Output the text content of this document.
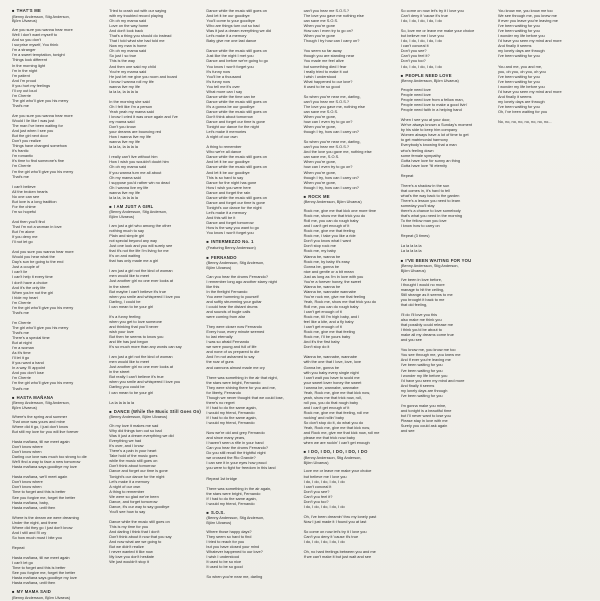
■ THAT'S ME
(Benny Andersson, Stig Anderson,
Björn Ulvaeus)
Are you sure you wanna hear more
Well I don't want myself to
And so you don't
I surprise myself, You think
I'm a stranger
I'm a sweet temptation, tonight
Things look different
In the morning light
I'm in the night
I'm patient
And I'm proud
If you hurt my feelings
I'll cry out loud
I'm Cherrie
The girl who'll give you his merry
That's me

Are you sure you wanna hear more
Would I lie like I was just
The man I've been waiting for
And just when I see you
But the girl next door
Don't you realize
Things have changed somehow
It's frantic
I'm romantic
It's time to find someone's fine
I'm Cherrie
I'm the girl who'll give you his merry
That's me

I can't believe
All the broken hearts
No one can see
But love is a long tradition
For the chime
I'm so hopeful

And then you'll find
That I'm not a woman in love
But I'm alone
If you deny me
I'll not let go

And you sure you wanna hear more
Would you hear what the
Day's sun be going to the end
Just a couple of
I can't lie
I can't help it every time
I don't have a choice
And it's the only life
When you're not the girl
I hide my heart
I'm Cherrie
I'm the girl who'll give you his merry
That's me

I'm Cherrie
The girl who'll give you his merry
That's me
There's a special time
But at night
I'm a woman
As it's time
I'll let it go
If you want a hand
In a way I'll appoint
And you don't lose
I'm Cherrie
I'm the girl who'll give you his merry
That's me
■ HASTA MAÑANA
(Benny Andersson, Stig Anderson,
Björn Ulvaeus)
Where's the spring and summer
That once was yours and mine
Where did it go, I just don't know
But still my love for you will live forever

Hasta mañana, till we meet again
Don't know where
Don't know when
Darling our love was much too strong to die
We'll find a way to face a new tomorrow
Hasta mañana says goodbye my love

Hasta mañana, we'll meet again
Don't know where
Don't know when
Time to forget and this is better
See you forgive me, forget the better
Hasta mañana, baby,
Hasta mañana, until then

Where is the dream we were dreaming
Under the night, and there
Where did they go I just don't know
And I still and I'll cry
So how much must I bite you

Repeat

Hasta mañana, till we meet again
I can't let go
Time to forget and this is better
See you forgive me, forget the better
Hasta mañana says goodbye my love
Hasta mañana, until then
■ MY MAMA SAID
(Benny Andersson, Björn Ulvaeus)
Tried to crash out with our saying
with my troubled record playing
Oh oh my mama said
Love on the way home
And don't look back
That's a thing you should do instead
That I told what she had told me
Now my man is home
Oh oh my mama said
So just I so true
This is the way
And then one said my child
You're my mama said
He just let me give you room and board
I know I wanna roll my life
wanna live my life
la la la, la la la la

In the morning she said
Oh I felt like I'm a person
Yeah yeah my mama said
I know I cried it was once again and I've
my mama said
Don't you know
your dreams are bouncing red
How I wanna live my life
wanna live my life
la la la, la la la la

I really can't live without him
How I wish you wouldn't doubt him
Oh oh my mama said
If you wanna turn me all about
Oh my mama said
I suppose you'd rather win no dead
Oh I wanna live my life
wanna live my life
la la la, la la la la
■ I AM JUST A GIRL
(Benny Andersson, Stig Anderson,
Björn Ulvaeus)
I am just a girl who among the other
nothing much to say
Plain and simple girl
not special beyond any way
Just one look and you will surely see
that it's not the life I'm living for me
It's on and waiting
that has only made me a girl

I am just a girl not the kind of woman
men would like to meet
Just another girl no one ever looks at
in the street
But maybe I can't believe it's true
when you smile and whispered I love you
Darling, I could be
I can mean to be your girl

It's a funny feeling
when you get to love someone
and thinking that you'll never
wish your love
But then he seems to know you
and life has just begun
It's so much more than any words can say

I am just a girl not the kind of woman
men would like to meet
Just another girl no one ever looks at
in the street
But really I can't believe it's true
when you smile and whispered I love you
Darling you could be
I can mean to be your girl

La la la la la la
■ DANCE (While the Music Still Goes On)
(Benny Andersson, Björn Ulvaeus)
Oh my love it makes me sad
Why did things turn out so bad
Was it just a dream everything we did
Everything we had
It's over, and I know
There's a pain in your heart
Take hold of the music goes
while the music still goes on
Don't think about tomorrow
Dance and forget our time is gone
Tonight's our dance for the night
Let's make it a memory
A night of our own
A thing to remember
We were so glad we've been
Dance, and forget tomorrow
Dance, it's our way to say goodbye
You'll see how to say

Dance while the music still goes on
This is my time for you
And darling I think that I don't
Don't think about it now that you say
And now what are we going to
But we didn't realize
I never wanted it like now
My love you don't hesitate
We just wouldn't stop it
Dance while the music still goes on
And let it be our goodbye
You'll come to your goodbye
Who are things turn out so bad
Was it just a dream everything we did
Let's make it a memory
Baby give me one last dance

Dance while the music still goes on
Just like the night I met you
Dance and before we're going to go
You know I won't forget you
It's funny now
You'll be a thousand
It's funny now
You tell me it's over
What more can I say
Dance while the time can be
Dance while the music still goes on
It's a gonna be our goodbye
Dance while the music still goes on
Don't think about tomorrow
Dance and forget our time is gone
Tonight our dance for the night
Let's make it memories
A night of our own

A thing to remember
Who we're all dance
Dance while the music still goes on
And let it be our goodbye
Dance while the music still goes on
And let it be our goodbye
This is so hard to say
Dance for the night has gone
How I wish you were here
Dance and forget the rain
Dance while the music still goes on
Dance and forget our time is gone
Tonight's our dance for the night
Let's make it a memory
And this will be it
Dance and forget tomorrow
How is the way you want to go
You know I won't forget you
■ INTERMEZZO No. 1
(Featuring Benny Andersson)
■ FERNANDO
(Benny Andersson, Stig Anderson,
Björn Ulvaeus)
Can you hear the drums Fernando?
I remember long ago another starry night
like this
In the firelight Fernando
You were humming to yourself
and softly strumming your guitar
I could hear the distant drums
and sounds of bugle calls
were coming from afar

They were closer now Fernando
Every hour, every minute seemed
to last eternally
I was so afraid Fernando
we were young and full of life
and none of us prepared to die
And I'm not ashamed to say
the roar of guns
and cannons almost made me cry

There was something in the air that night,
the stars were bright, Fernando
They were shining there for you and me,
for liberty, Fernando
Though we never thought that we could lose,
there's no regret
If I had to do the same again,
I would my friend, Fernando
If I had to do the same again,
I would my friend, Fernando

Now we're old and grey Fernando
and since many years,
I haven't seen a rifle in your hand
Can you hear the drums Fernando?
Do you still recall the frightful night
we crossed the Rio Grande?
I can see it in your eyes how proud
you were to fight for freedom in this land

Repeat 1st bridge

There was something in the air again,
the stars were bright, Fernando
If I had to do the same again,
I would my friend, Fernando
■ S.O.S.
(Benny Andersson, Stig Anderson,
Björn Ulvaeus)
Where those happy days?
They seem so hard to find
I tried to reach for you
but you have closed your mind
Whatever happened to our love?
I wish I understood
It used to be so nice
It used to be so good

So when you're near me, darling
can't you hear me S.O.S.?
The love you gave me nothing else
can save me S.O.S.
When you're gone
How can I even try to go on?
When you're gone
Though I try how can I carry on?

You seem so far away
though you are standing near
You made me feel alive
but something died I fear
I really tried to make it out
I wish I understood
What happened to our love?
It used to be so good

So when you're near me, darling,
can't you hear me S.O.S.?
The love you gave me, nothing else
can save me S.O.S.
When you're gone,
how can I even try to go on?
When you're gone,
though I try, how can I carry on?

So when you're near me, darling,
can't you hear me S.O.S.?
And the love you gave me, nothing else
can save me, S.O.S.
When you're gone,
how can I even try to go on?
When you're gone,
though I try, how can I carry on?
When you're gone,
though I try, how can I carry on?
■ ROCK ME
(Benny Andersson, Björn Ulvaeus)
Rock me, give me that kick one more time
Rock me, show me that trick you do
Roll me, you can do rough baby
and I can't get enough of it
Rock me, give me that feeling
Rock me, I take you like a ride
Don't you know what I want
Don't stop rock me
Rock me, my baby
Wanna be, wanna be
Rock me, by baby it's easy
Gonna be, gonna be
nice and gentle or a bit mean
Just as long as I'm in love with you
You're a forever honey, the sweet
Wanna be, wanna be
Wanna be, wannabe wannabe
You're rock me, give me that feeling
Yeah, Rock me, show me that trick you do
Roll me, you can do rough baby
I can't get enough of it
Rock me, till I'm high baby, and I
feel like a kite, and a fly baby
I can't get enough of it
Rock me, give me that feeling
Rock me, I'll be yours baby
And it's the first baby
Don't stop do it

Wanna be, wannabe, wannabe
with the one that I love, love, love
Gonna be, gonna be
with you baby every single night
I can't wait you have to scold me
your sweet lover honey the sweet
I wanna be, wannabe, wannabe
Yeah, Rock me, give me that kick now,
yeah, show me that trick now, roll,
roll you, you do that rough baby
and I can't get enough of it
Rock me, give me that feeling, roll me
rocking' and rollin' baby
So don't stop do it, do what you do
Yeah, Rock me, give me that kick now,
and Rock me, give me that kick now, roll me
please me that trick now baby
when we are rockin' I can't get enough
■ I DO, I DO, I DO, I DO, I DO
(Benny Andersson, Stig Anderson,
Björn Ulvaeus)
Love me or leave me make your choice
but believe me I love you
I do, I do, I do, I do, I do
I can't conceal it
Don't you see?
Can't you feel it?
Don't you too?
I do, I do, I do, I do, I do

Oh, I've been dreamin' thru my lonely past
Now I just made it I found you at last

So come on now let's try it I love you
Can't you deny it 'cause it's true
I do, I do, I do, I do, I do

Oh, no hard feelings between you and me
If we can't make it but just wait and see
So come on now let's try it I love you
Can't deny it 'cause it's true
I do, I do, I do, I do, I do

So, love me or leave me make your choice
but believe me I love you
I do, I do, I do, I do, I do
I can't conceal it
Don't you see?
Can't you feel it?
Don't you too?
I do, I do, I do, I do, I do
■ PEOPLE NEED LOVE
(Benny Andersson, Björn Ulvaeus)
People need love
People need love
People need love from a fellow man,
People need love to make a good livin'
People need faith in a helping hand

When I see you at your door,
We've always known a Sunday's moment
by his side to keep him company
Women always have a lot of time to get
to get matrimonial harmony
Everybody's knowing that a man
who's feeling down
some female sympathy
Gotta have love for sunny an thing
Gotta have love "til eternity

Repeat

There's a shadow in the sun
that comes in, it's hard to tell
what's the way back to the garden
There's a lesson you need to learn
someday you'll stay
there's a chance to love somebody
that's what you need in the morning
To the fellow man you love
I know how to carry on

Repeat (3 times)

La la la la la
La la la la la
■ I'VE BEEN WAITING FOR YOU
(Benny Andersson, Stig Anderson,
Björn Ulvaeus)
I've been in love before,
I thought I would no more
manage to hit the ceiling,
Still strange as it seems to me
you brought it back to me
that old feeling,

I'll do I'll love you this
also make me think you
that possibly could release me
I think you'd be about to
make all my dreams come true
and you see

You know me, you know me too
You see through me, you knew me
And if ever you're leaving me
I've been waiting for you
I've been waiting for you
I wonder my life before you
I'd have you seen my mind and more
And finally it seems
my lonely days are through
I've been waiting for you

I'm gonna make you mine,
and tonight is a beautiful time
but I'll never want to lose you
Please stay in love with me
Surely you could ask again
and see
You know me, you know me too
We see through me, you knew me
If ever you leave you're leaving me
I've been waiting for you
I've been waiting for you
I wonder my life before you
I'd have you seen my mind and more
And finally it seems
my lonely days are through
I've been waiting for you

You and me, you and me,
you, oh you, oh you, oh you
I've been waiting for you
I've been waiting for you
I wonder my life before you
I'd have you seen my mind and more
And finally it seems
my lonely days are through
I've been waiting for you
Oh, I've been waiting for you

No, no, no, no, no, no, no, no...
